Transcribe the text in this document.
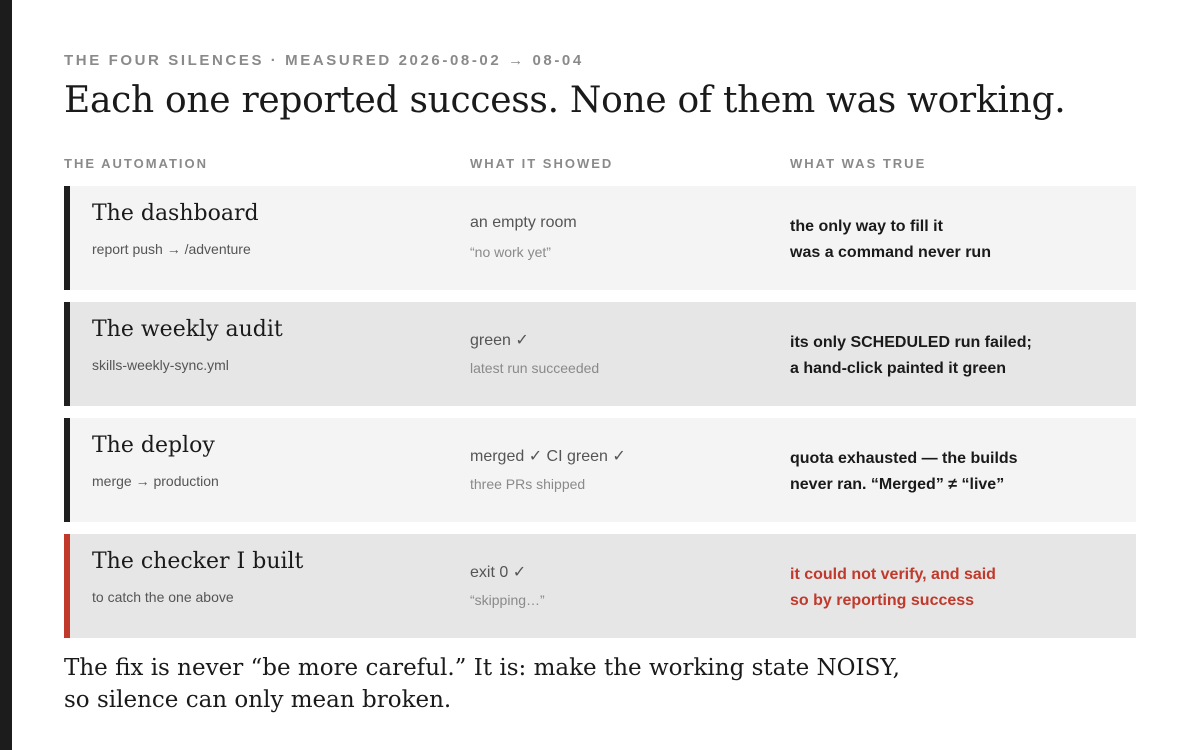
THE FOUR SILENCES · MEASURED 2026-08-02 → 08-04
Each one reported success. None of them was working.
THE AUTOMATION	WHAT IT SHOWED	WHAT WAS TRUE
The dashboard
report push → /adventure
an empty room
“no work yet”
the only way to fill it
was a command never run
The weekly audit
skills-weekly-sync.yml
green ✓
latest run succeeded
its only SCHEDULED run failed;
a hand-click painted it green
The deploy
merge → production
merged ✓ CI green ✓
three PRs shipped
quota exhausted — the builds
never ran. “Merged” ≠ “live”
The checker I built
to catch the one above
exit 0 ✓
“skipping…”
it could not verify, and said
so by reporting success
The fix is never “be more careful.” It is: make the working state NOISY,
so silence can only mean broken.
